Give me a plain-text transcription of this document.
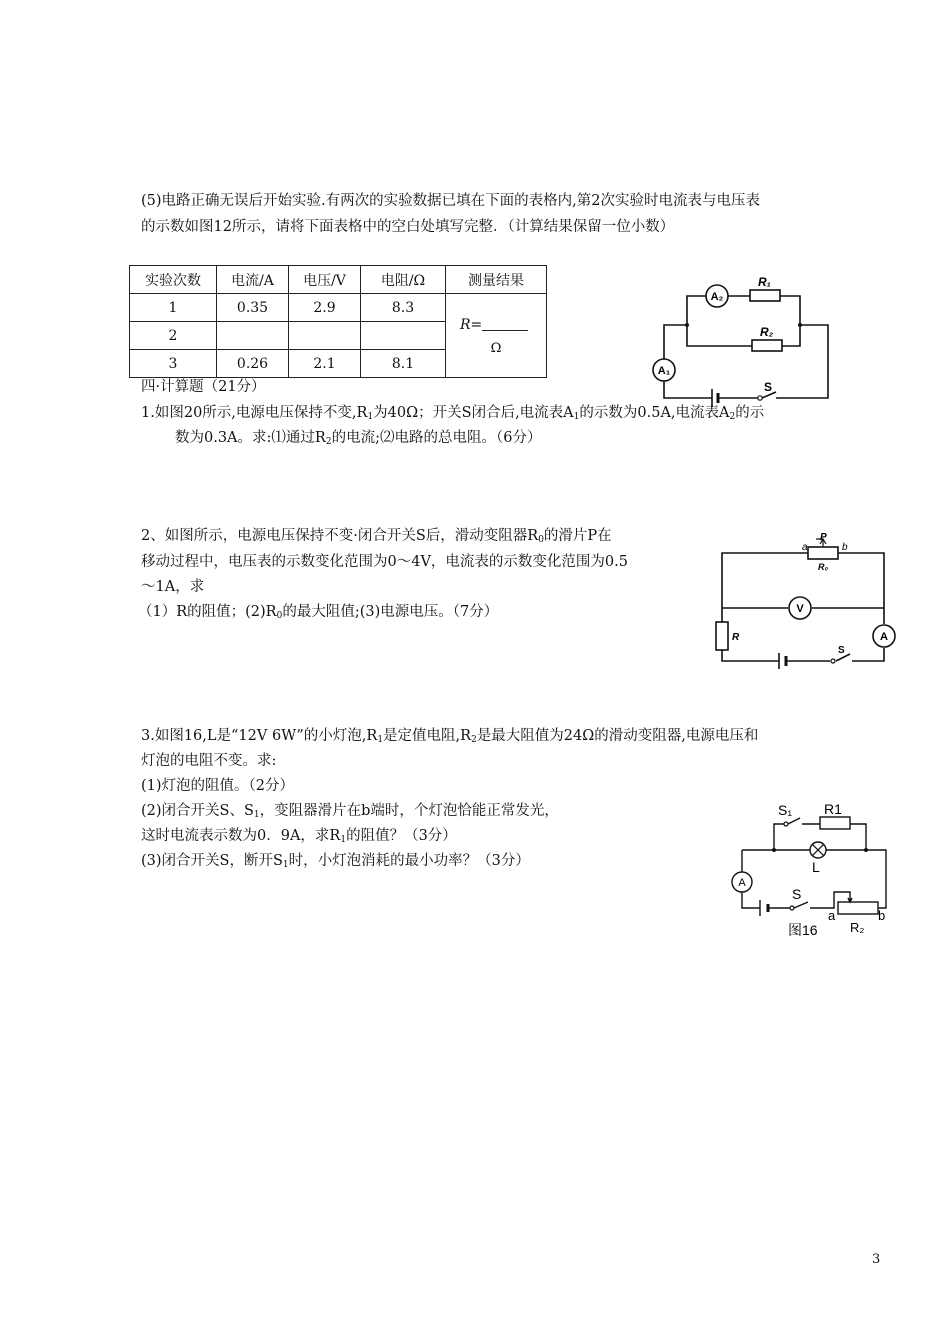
(5)电路正确无误后开始实验.有两次的实验数据已填在下面的表格内,第2次实验时电流表与电压表
的示数如图12所示，请将下面表格中的空白处填写完整．（计算结果保留一位小数）
实验次数	电流/A	电压/V	电阻/Ω	测量结果
1	0.35	2.9	8.3	R=
Ω

2				
3	0.26	2.1	8.1	
A₂
A₁
R₁
R₂
S
四·计算题（21分）
1.如图20所示,电源电压保持不变$,R_1$为40Ω；开关S闭合后,电流表$A_1$的示数为0.5A,电流表$A_2$的示
数为0.3A。求:⑴通过$R_2$的电流;⑵电路的总电阻。（6分）
2、如图所示，电源电压保持不变·闭合开关S后，滑动变阻器$R_0$的滑片P在
移动过程中，电压表的示数变化范围为0～4V，电流表的示数变化范围为0.5
～1A，求
（1）R的阻值；$(2)R_0$的最大阻值;(3)电源电压。（7分）
P
a	b
R₀
V
A
R
S
3.如图16,L是“12V 6W”的小灯泡$,R_1$是定值电阻$,R_2$是最大阻值为24Ω的滑动变阻器,电源电压和
灯泡的电阻不变。求:
(1)灯泡的阻值。（2分）
(2)闭合开关S、$S_1$，变阻器滑片在b端时，个灯泡恰能正常发光，
这时电流表示数为0．9A，求$R_1$的阻值？（3分）
(3)闭合开关S，断开$S_1$时，小灯泡消耗的最小功率？（3分）
S₁ R1
L
A
S
a	b
R₂
图16
3
